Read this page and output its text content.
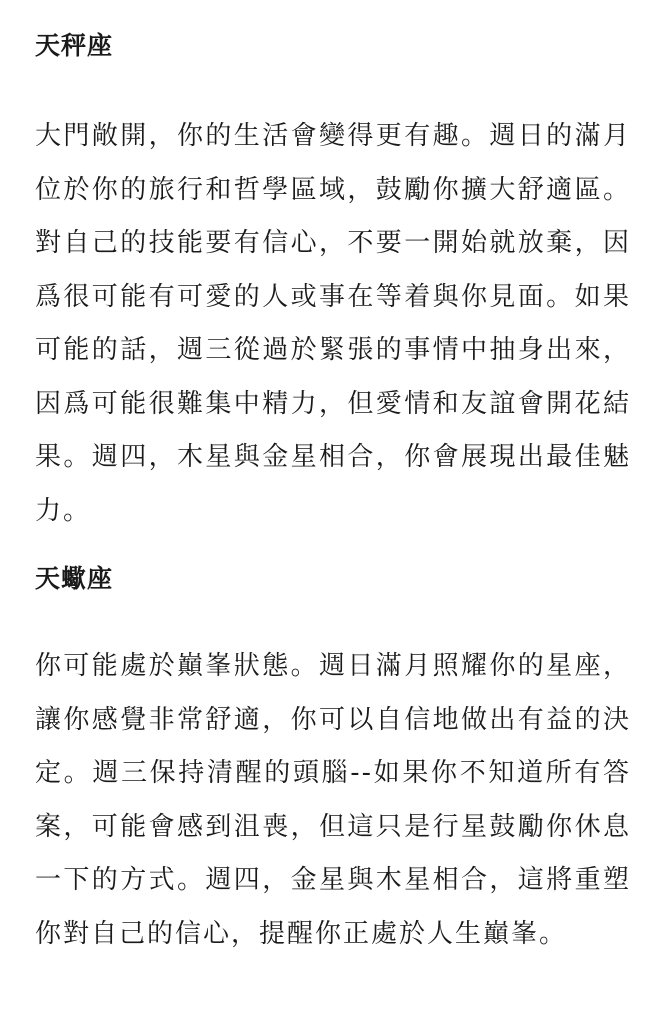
天秤座

大門敞開，你的生活會變得更有趣。週日的滿月位於你的旅行和哲學區域，鼓勵你擴大舒適區。對自己的技能要有信心，不要一開始就放棄，因爲很可能有可愛的人或事在等着與你見面。如果可能的話，週三從過於緊張的事情中抽身出來，因爲可能很難集中精力，但愛情和友誼會開花結果。週四，木星與金星相合，你會展現出最佳魅力。

天蠍座

你可能處於巔峯狀態。週日滿月照耀你的星座，讓你感覺非常舒適，你可以自信地做出有益的決定。週三保持清醒的頭腦--如果你不知道所有答案，可能會感到沮喪，但這只是行星鼓勵你休息一下的方式。週四，金星與木星相合，這將重塑你對自己的信心，提醒你正處於人生巔峯。
